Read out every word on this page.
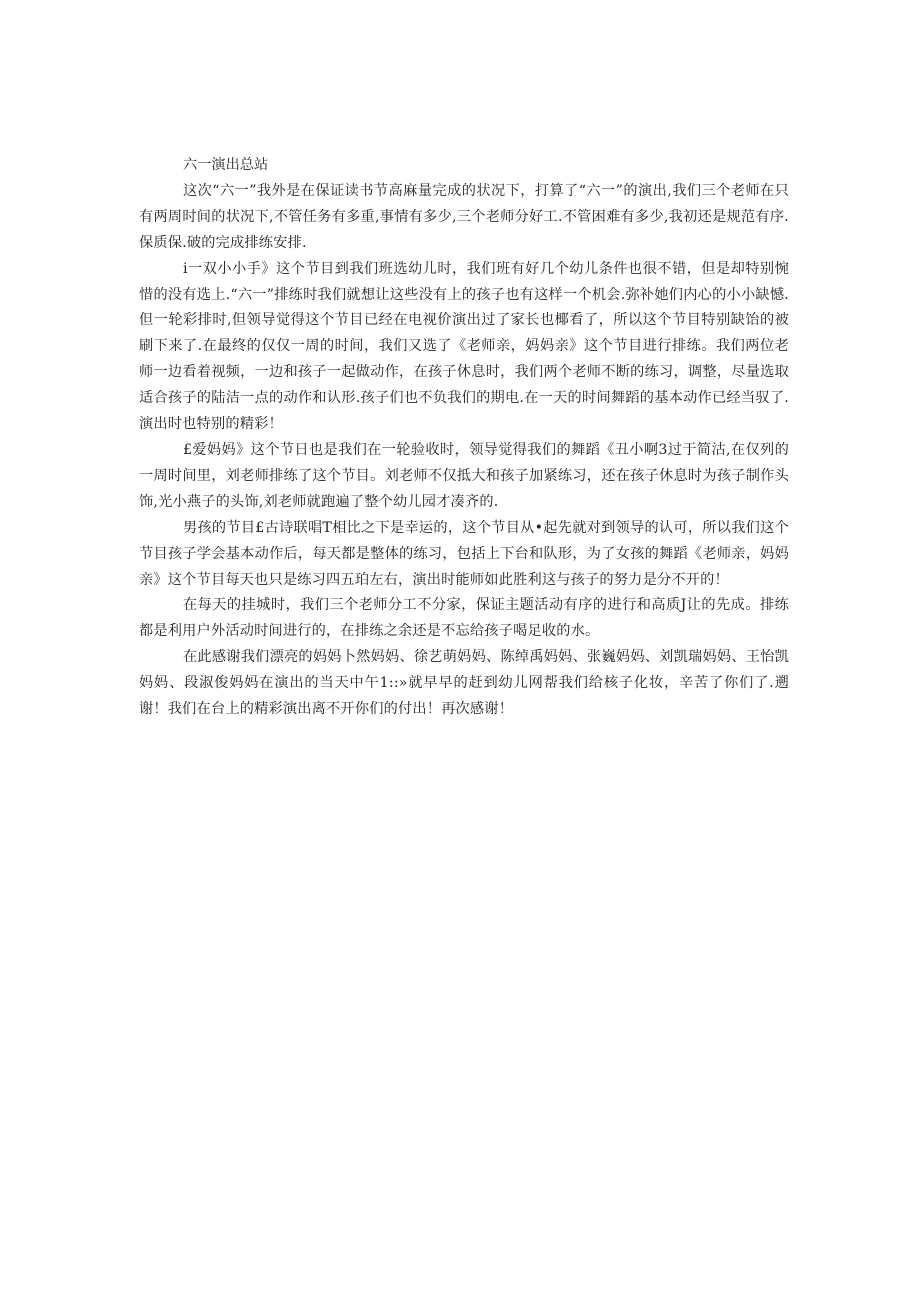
六一演出总站

这次“六一”我外是在保证读书节高麻量完成的状况下，打算了“六一”的演出,我们三个老师在只有两周时间的状况下,不管任务有多重,事情有多少,三个老师分好工.不管困难有多少,我初还是规范有序.保质保.破的完成排练安排.

i一双小小手》这个节目到我们班选幼儿时，我们班有好几个幼儿条件也很不错，但是却特别惋惜的没有选上.“六一”排练时我们就想让这些没有上的孩子也有这样一个机会.弥补她们内心的小小缺憾.但一轮彩排时,但领导觉得这个节目已经在电视价演出过了家长也椰看了，所以这个节目特别缺饴的被刷下来了.在最终的仅仅一周的时间，我们又选了《老师亲，妈妈亲》这个节目进行排练。我们两位老师一边看着视频，一边和孩子一起做动作，在孩子休息时，我们两个老师不断的练习，调整，尽量选取适合孩子的陆洁一点的动作和认形.孩子们也不负我们的期电.在一天的时间舞蹈的基本动作已经当驭了.演出时也特别的精彩！

£爱妈妈》这个节日也是我们在一轮验收时，领导觉得我们的舞蹈《丑小啊3过于简沽,在仅列的一周时间里，刘老师排练了这个节目。刘老师不仅抵大和孩子加紧练习，还在孩子休息时为孩子制作头饰,光小燕子的头饰,刘老师就跑遍了整个幼儿园才凑齐的.

男孩的节目£古诗联唱T相比之下是幸运的，这个节目从•起先就对到领导的认可，所以我们这个节目孩子学会基本动作后，每天都是整体的练习，包括上下台和队形，为了女孩的舞蹈《老师亲，妈妈亲》这个节目每天也只是练习四五珀左右，演出时能师如此胜利这与孩子的努力是分不开的！

在每天的挂城时，我们三个老师分工不分家，保证主题活动有序的进行和高质J让的先成。排练都是利用户外活动时间进行的，在排练之余还是不忘给孩子喝足收的水。

在此感谢我们漂亮的妈妈卜然妈妈、徐艺萌妈妈、陈绰禹妈妈、张巍妈妈、刘凯瑞妈妈、王怡凯妈妈、段淑俊妈妈在演出的当天中午1::»就早早的赶到幼儿网帮我们给核子化妆，辛苦了你们了.遡谢！我们在台上的精彩演出离不开你们的付出！再次感谢！
